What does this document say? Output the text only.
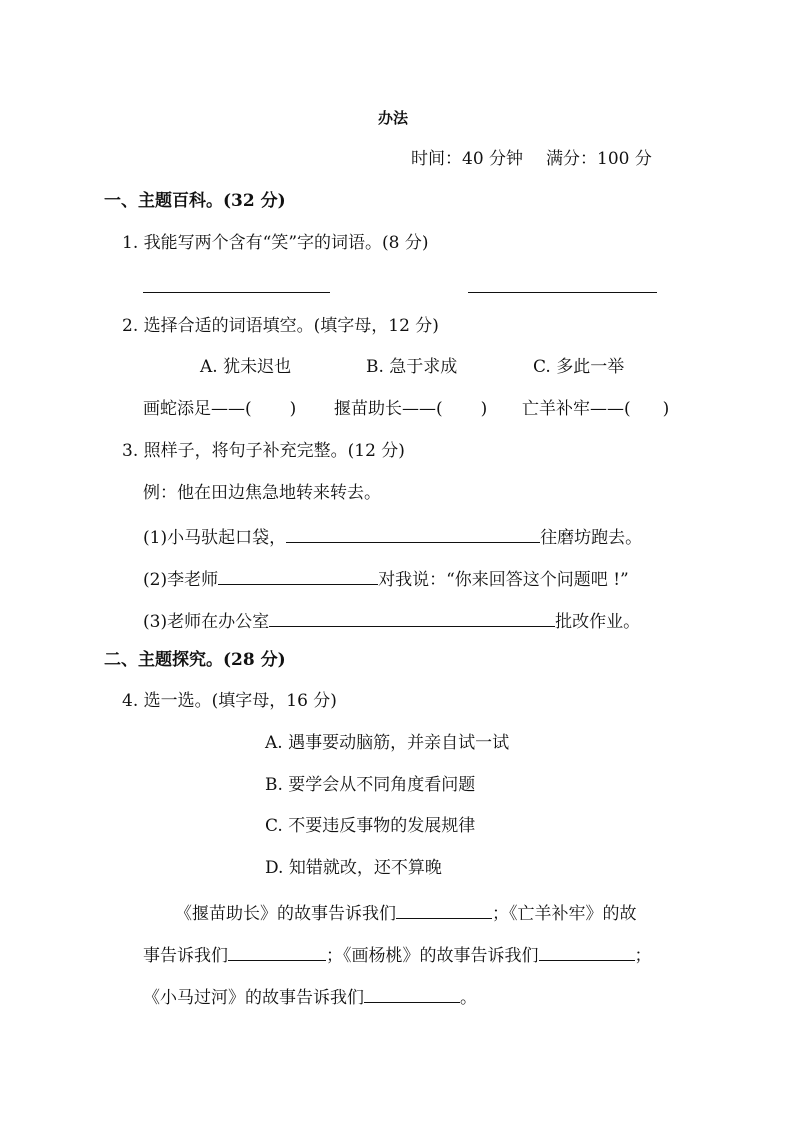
办法
时间：40 分钟 满分：100 分
一、主题百科。(32 分)
1. 我能写两个含有“笑”字的词语。(8 分)
2. 选择合适的词语填空。(填字母，12 分)
A. 犹未迟也	B. 急于求成	C. 多此一举
画蛇添足——( ) 揠苗助长——( ) 亡羊补牢——( )
3. 照样子，将句子补充完整。(12 分)
例：他在田边焦急地转来转去。
(1)小马驮起口袋，	往磨坊跑去。
(2)李老师	对我说：“你来回答这个问题吧 !”
(3)老师在办公室	批改作业。
二、主题探究。(28 分)
4. 选一选。(填字母，16 分)
A. 遇事要动脑筋，并亲自试一试
B. 要学会从不同角度看问题
C. 不要违反事物的发展规律
D. 知错就改，还不算晚
《揠苗助长》的故事告诉我们	；《亡羊补牢》的故
事告诉我们	；《画杨桃》的故事告诉我们	；
《小马过河》的故事告诉我们	。
